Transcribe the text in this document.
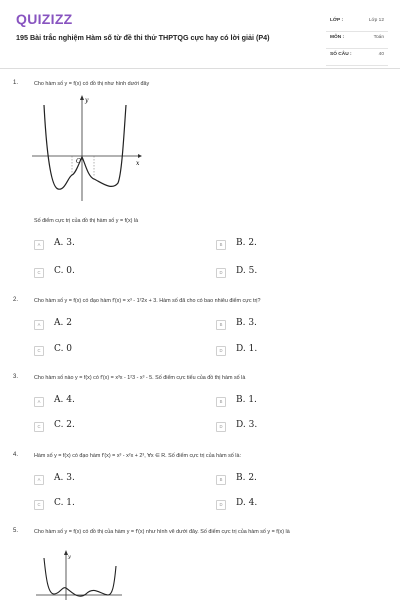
QUIZIZZ
195 Bài trắc nghiệm Hàm số từ đề thi thử THPTQG cực hay có lời giải (P4)
LỚP :	Lớp 12
MÔN :	Toán
SỐ CÂU :	40
1.	Cho hàm số y = f(x) có đồ thị như hình dưới đây
y
x
O
Số điểm cực trị của đồ thị hàm số y = f(x) là
A	A. 3.	B	B. 2.
C	C. 0.	D	D. 5.
2.	Cho hàm số y = f(x) có đạo hàm f'(x) = x³ - 1²2x + 3. Hàm số đã cho có bao nhiêu điểm cực trị?
A	A. 2	B	B. 3.
C	C. 0	D	D. 1.
3.	Cho hàm số nào y = f(x) có f'(x) = x³x - 1²3 - x³ - 5. Số điểm cực tiểu của đồ thị hàm số là
A	A. 4.	B	B. 1.
C	C. 2.	D	D. 3.
4.	Hàm số y = f(x) có đạo hàm f'(x) = x³ - x²x + 2³, ∀x ∈ R. Số điểm cực trị của hàm số là:
A	A. 3.	B	B. 2.
C	C. 1.	D	D. 4.
5.	Cho hàm số y = f(x) có đồ thị của hàm y = f'(x) như hình vẽ dưới đây. Số điểm cực trị của hàm số y = f(x) là
y
